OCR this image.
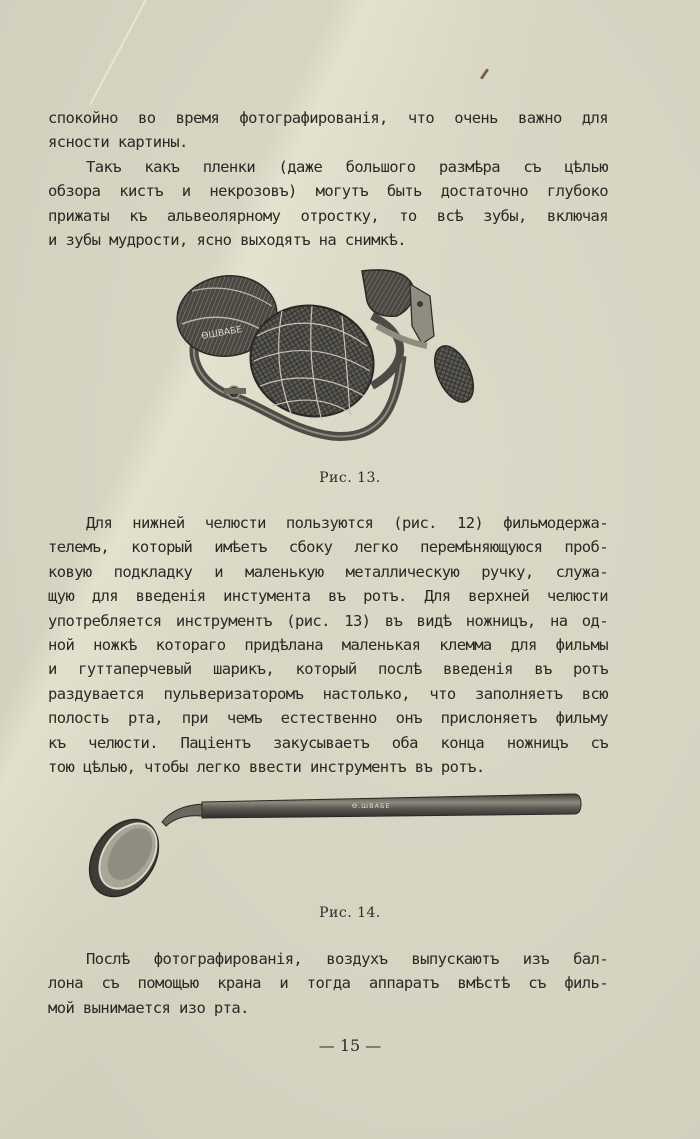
спокойно во время фотографированія, что очень важно для
ясности картины.
Такъ какъ пленки (даже большого размѣра съ цѣлью
обзора кистъ и некрозовъ) могутъ быть достаточно глубоко
прижаты къ альвеолярному отростку, то всѣ зубы, включая
и зубы мудрости, ясно выходятъ на снимкѣ.
ӨШВАБЕ
Рис. 13.
Для нижней челюсти пользуются (рис. 12) фильмодержа-
телемъ, который имѣетъ сбоку легко перемѣняющуюся проб-
ковую подкладку и маленькую металлическую ручку, служа-
щую для введенія инстумента въ ротъ. Для верхней челюсти
употребляется инструментъ (рис. 13) въ видѣ ножницъ, на од-
ной ножкѣ котораго придѣлана маленькая клемма для фильмы
и гуттаперчевый шарикъ, который послѣ введенія въ ротъ
раздувается пульверизаторомъ настолько, что заполняетъ всю
полость рта, при чемъ естественно онъ прислоняетъ фильму
къ челюсти. Паціентъ закусываетъ оба конца ножницъ съ
тою цѣлью, чтобы легко ввести инструментъ въ ротъ.
Ө.ШВАБЕ
Рис. 14.
Послѣ фотографированія, воздухъ выпускаютъ изъ бал-
лона съ помощью крана и тогда аппаратъ вмѣстѣ съ филь-
мой вынимается изо рта.
— 15 —
